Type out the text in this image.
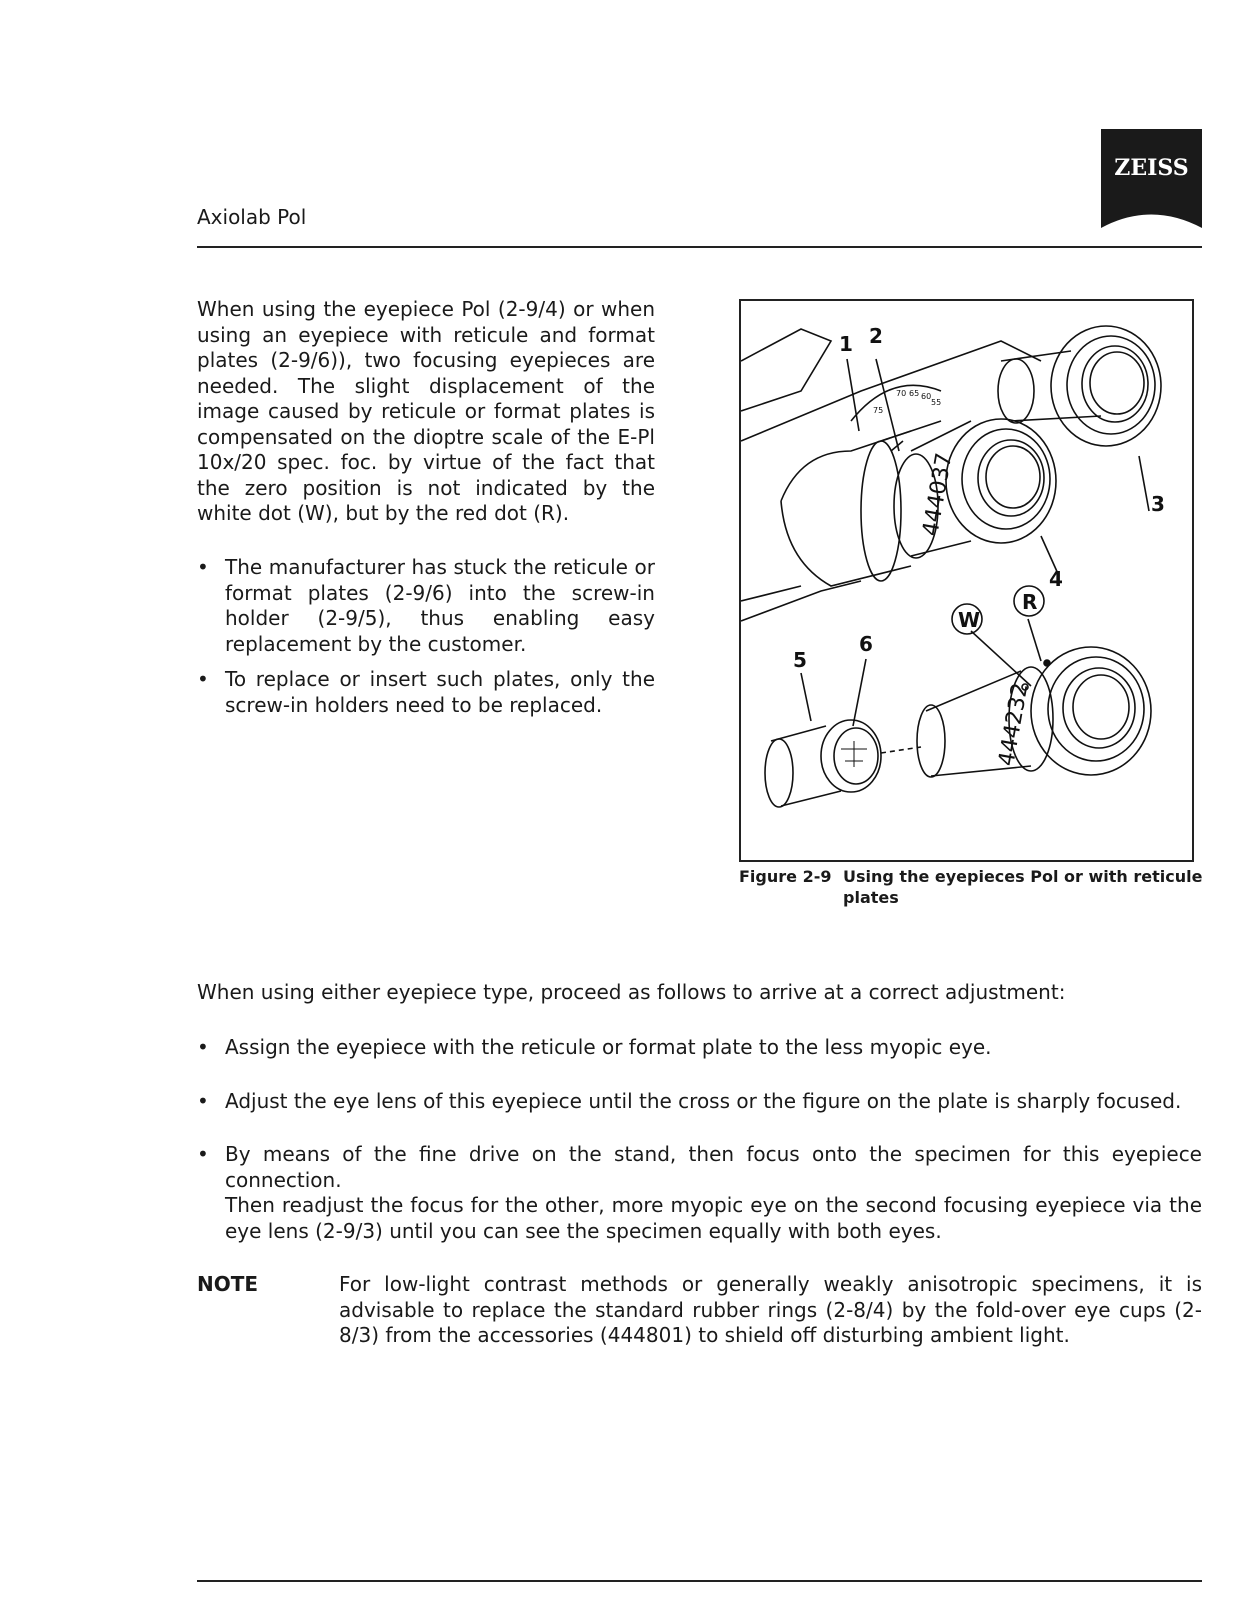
Axiolab Pol
ZEISS

When using the eyepiece Pol (2-9/4) or when using an eyepiece with reticule and format plates (2-9/6)), two focusing eyepieces are needed. The slight displacement of the image caused by reticule or format plates is compensated on the dioptre scale of the E-Pl 10x/20 spec. foc. by virtue of the fact that the zero position is not indicated by the white dot (W), but by the red dot (R).

• The manufacturer has stuck the reticule or format plates (2-9/6) into the screw-in holder (2-9/5), thus enabling easy replacement by the customer.
• To replace or insert such plates, only the screw-in holders need to be replaced.
70 65 60
55
75
444037
444232
1 2
3
4
5
6
W
R
Figure 2-9 Using the eyepieces Pol or with reticule plates

When using either eyepiece type, proceed as follows to arrive at a correct adjustment:

• Assign the eyepiece with the reticule or format plate to the less myopic eye.
• Adjust the eye lens of this eyepiece until the cross or the figure on the plate is sharply focused.
• By means of the fine drive on the stand, then focus onto the specimen for this eyepiece connection.
Then readjust the focus for the other, more myopic eye on the second focusing eyepiece via the eye lens (2-9/3) until you can see the specimen equally with both eyes.
NOTE	For low-light contrast methods or generally weakly anisotropic specimens, it is advisable to replace the standard rubber rings (2-8/4) by the fold-over eye cups (2-8/3) from the accessories (444801) to shield off disturbing ambient light.
